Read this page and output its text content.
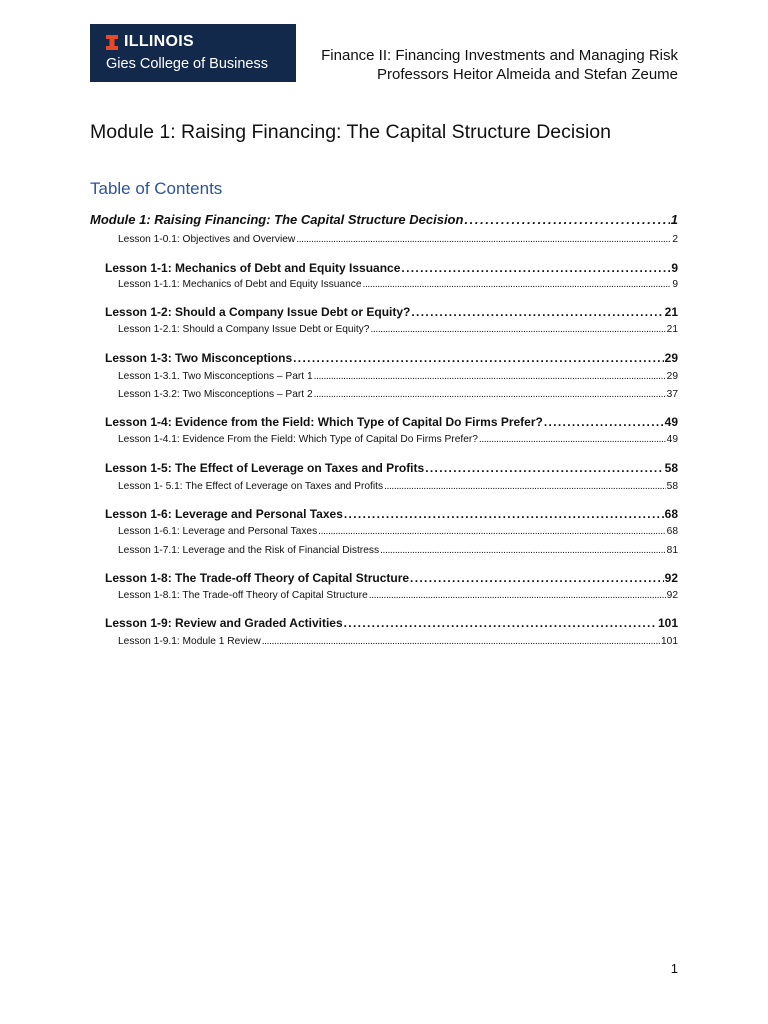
ILLINOIS
Gies College of Business	Finance II: Financing Investments and Managing Risk
Professors Heitor Almeida and Stefan Zeume
Module 1: Raising Financing: The Capital Structure Decision
Table of Contents
Module 1: Raising Financing: The Capital Structure Decision . . .	1
Lesson 1-0.1: Objectives and Overview . . .	2
Lesson 1-1: Mechanics of Debt and Equity Issuance . . .	9
Lesson 1-1.1: Mechanics of Debt and Equity Issuance . . .	9
Lesson 1-2: Should a Company Issue Debt or Equity? . . .	21
Lesson 1-2.1: Should a Company Issue Debt or Equity? . . .	21
Lesson 1-3: Two Misconceptions . . .	29
Lesson 1-3.1. Two Misconceptions – Part 1 . . .	29
Lesson 1-3.2: Two Misconceptions – Part 2 . . .	37
Lesson 1-4: Evidence from the Field: Which Type of Capital Do Firms Prefer? . . .	49
Lesson 1-4.1: Evidence From the Field: Which Type of Capital Do Firms Prefer? . . .	49
Lesson 1-5: The Effect of Leverage on Taxes and Profits . . .	58
Lesson 1- 5.1: The Effect of Leverage on Taxes and Profits . . .	58
Lesson 1-6: Leverage and Personal Taxes . . .	68
Lesson 1-6.1: Leverage and Personal Taxes . . .	68
Lesson 1-7.1: Leverage and the Risk of Financial Distress . . .	81
Lesson 1-8: The Trade-off Theory of Capital Structure . . .	92
Lesson 1-8.1: The Trade-off Theory of Capital Structure . . .	92
Lesson 1-9: Review and Graded Activities . . .	101
Lesson 1-9.1: Module 1 Review . . .	101
1
